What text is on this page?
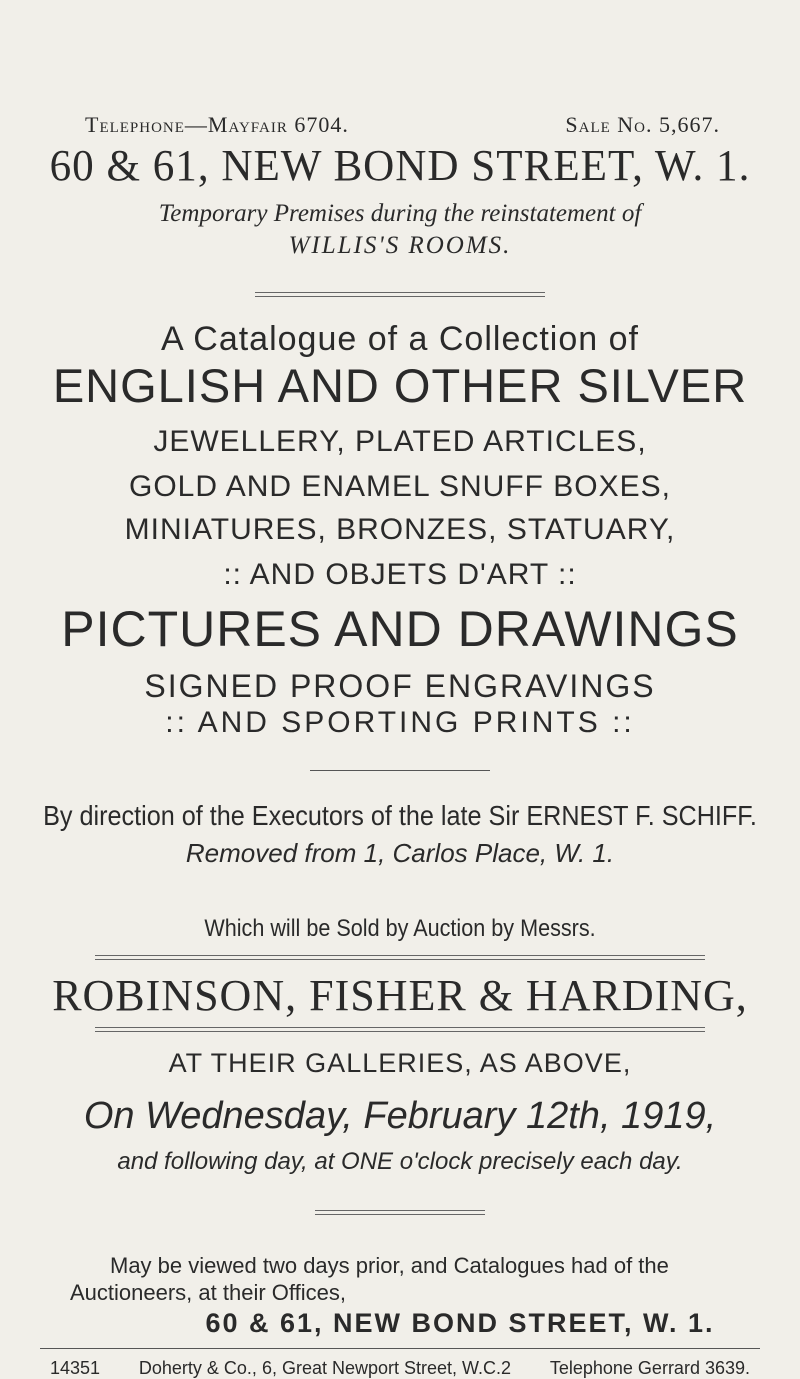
Telephone—Mayfair 6704.	Sale No. 5,667.
60 & 61, NEW BOND STREET, W. 1.
Temporary Premises during the reinstatement of
WILLIS'S ROOMS.
A Catalogue of a Collection of
ENGLISH AND OTHER SILVER
JEWELLERY, PLATED ARTICLES,
GOLD AND ENAMEL SNUFF BOXES,
MINIATURES, BRONZES, STATUARY,
:: AND OBJETS D'ART ::
PICTURES AND DRAWINGS
SIGNED PROOF ENGRAVINGS
:: AND SPORTING PRINTS ::
By direction of the Executors of the late Sir ERNEST F. SCHIFF.
Removed from 1, Carlos Place, W. 1.
Which will be Sold by Auction by Messrs.
ROBINSON, FISHER & HARDING,
AT THEIR GALLERIES, AS ABOVE,
On Wednesday, February 12th, 1919,
and following day, at ONE o'clock precisely each day.
May be viewed two days prior, and Catalogues had of the Auctioneers, at their Offices,
60 & 61, NEW BOND STREET, W. 1.
14351 Doherty & Co., 6, Great Newport Street, W.C.2 Telephone Gerrard 3639.
